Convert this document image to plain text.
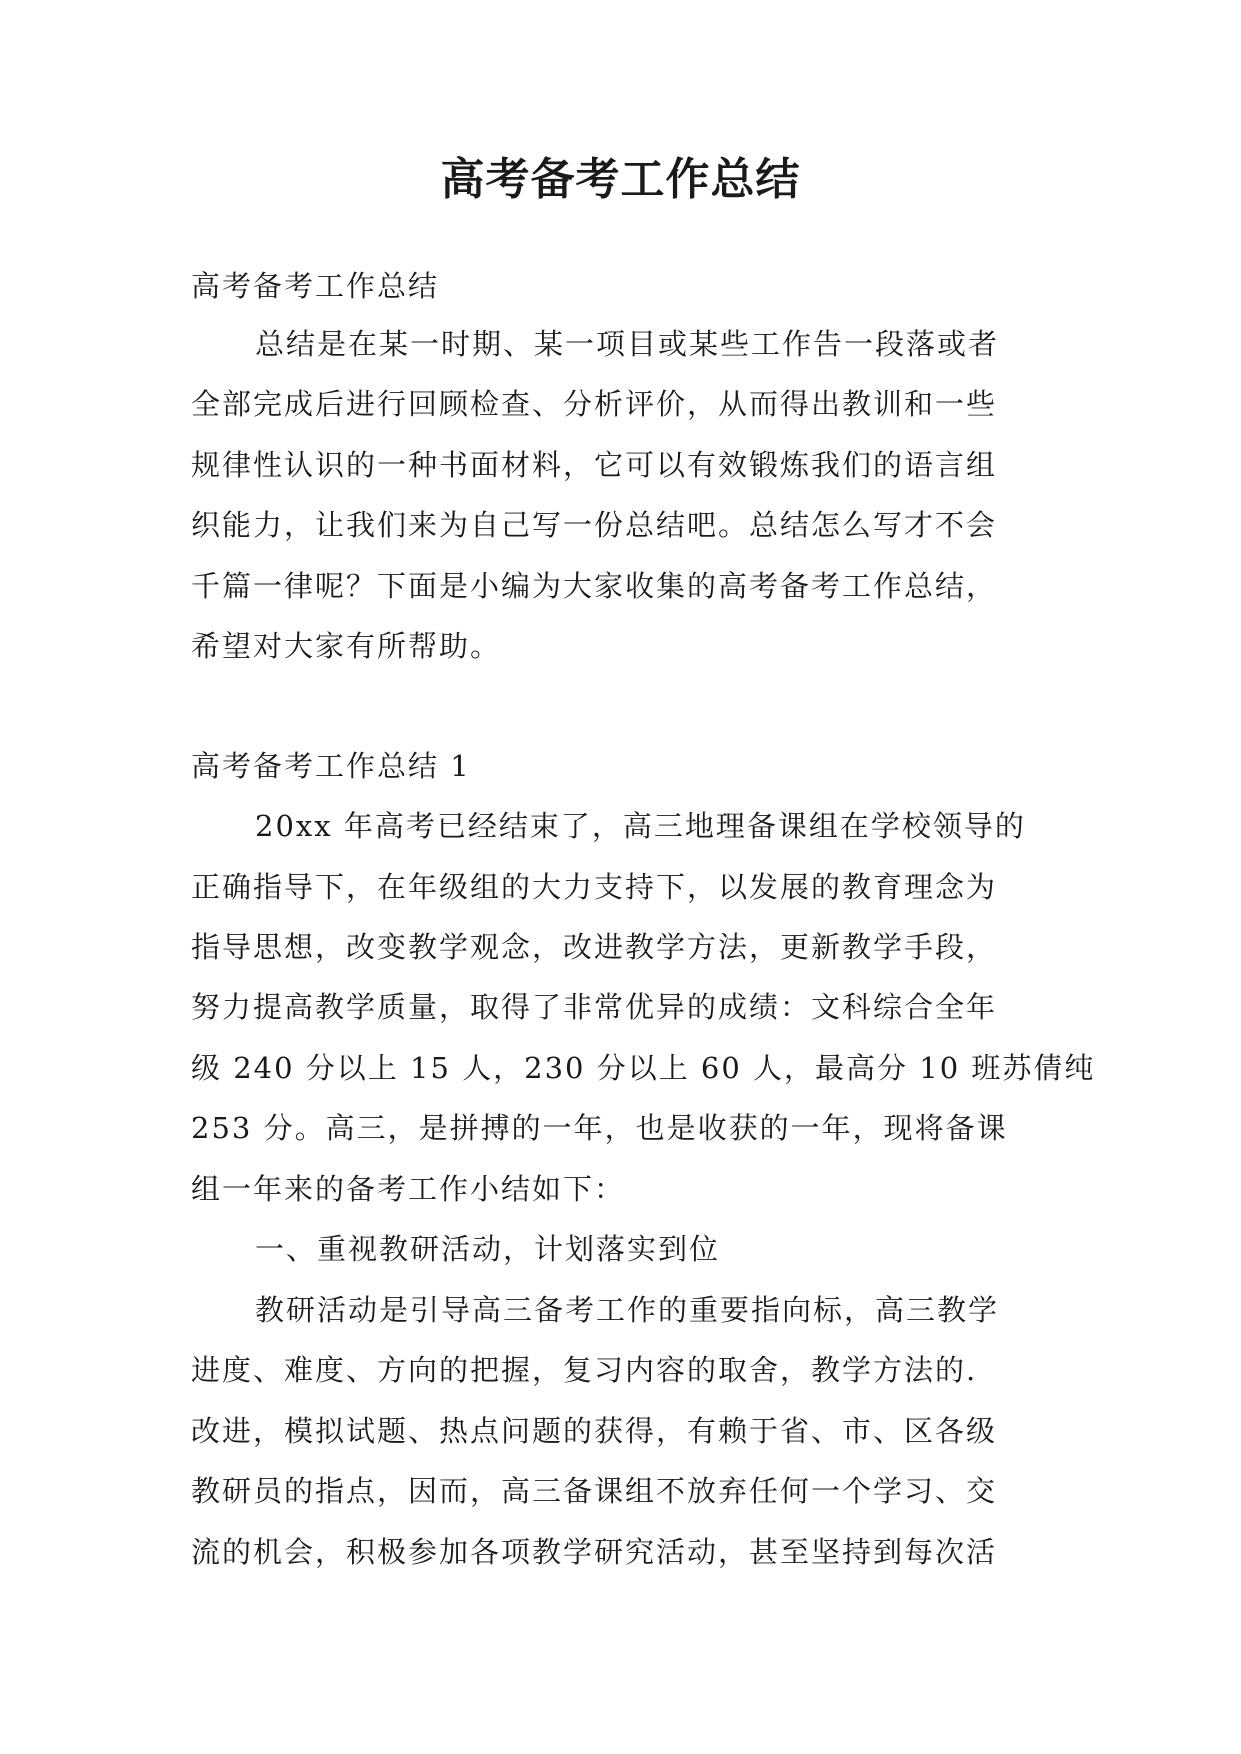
高考备考工作总结

高考备考工作总结

总结是在某一时期、某一项目或某些工作告一段落或者

全部完成后进行回顾检查、分析评价，从而得出教训和一些

规律性认识的一种书面材料，它可以有效锻炼我们的语言组

织能力，让我们来为自己写一份总结吧。总结怎么写才不会

千篇一律呢？下面是小编为大家收集的高考备考工作总结，

希望对大家有所帮助。

高考备考工作总结 1

20xx 年高考已经结束了，高三地理备课组在学校领导的

正确指导下，在年级组的大力支持下，以发展的教育理念为

指导思想，改变教学观念，改进教学方法，更新教学手段，

努力提高教学质量，取得了非常优异的成绩：文科综合全年

级 240 分以上 15 人，230 分以上 60 人，最高分 10 班苏倩纯

253 分。高三，是拼搏的一年，也是收获的一年，现将备课

组一年来的备考工作小结如下：

一、重视教研活动，计划落实到位

教研活动是引导高三备考工作的重要指向标，高三教学

进度、难度、方向的把握，复习内容的取舍，教学方法的.

改进，模拟试题、热点问题的获得，有赖于省、市、区各级

教研员的指点，因而，高三备课组不放弃任何一个学习、交

流的机会，积极参加各项教学研究活动，甚至坚持到每次活
